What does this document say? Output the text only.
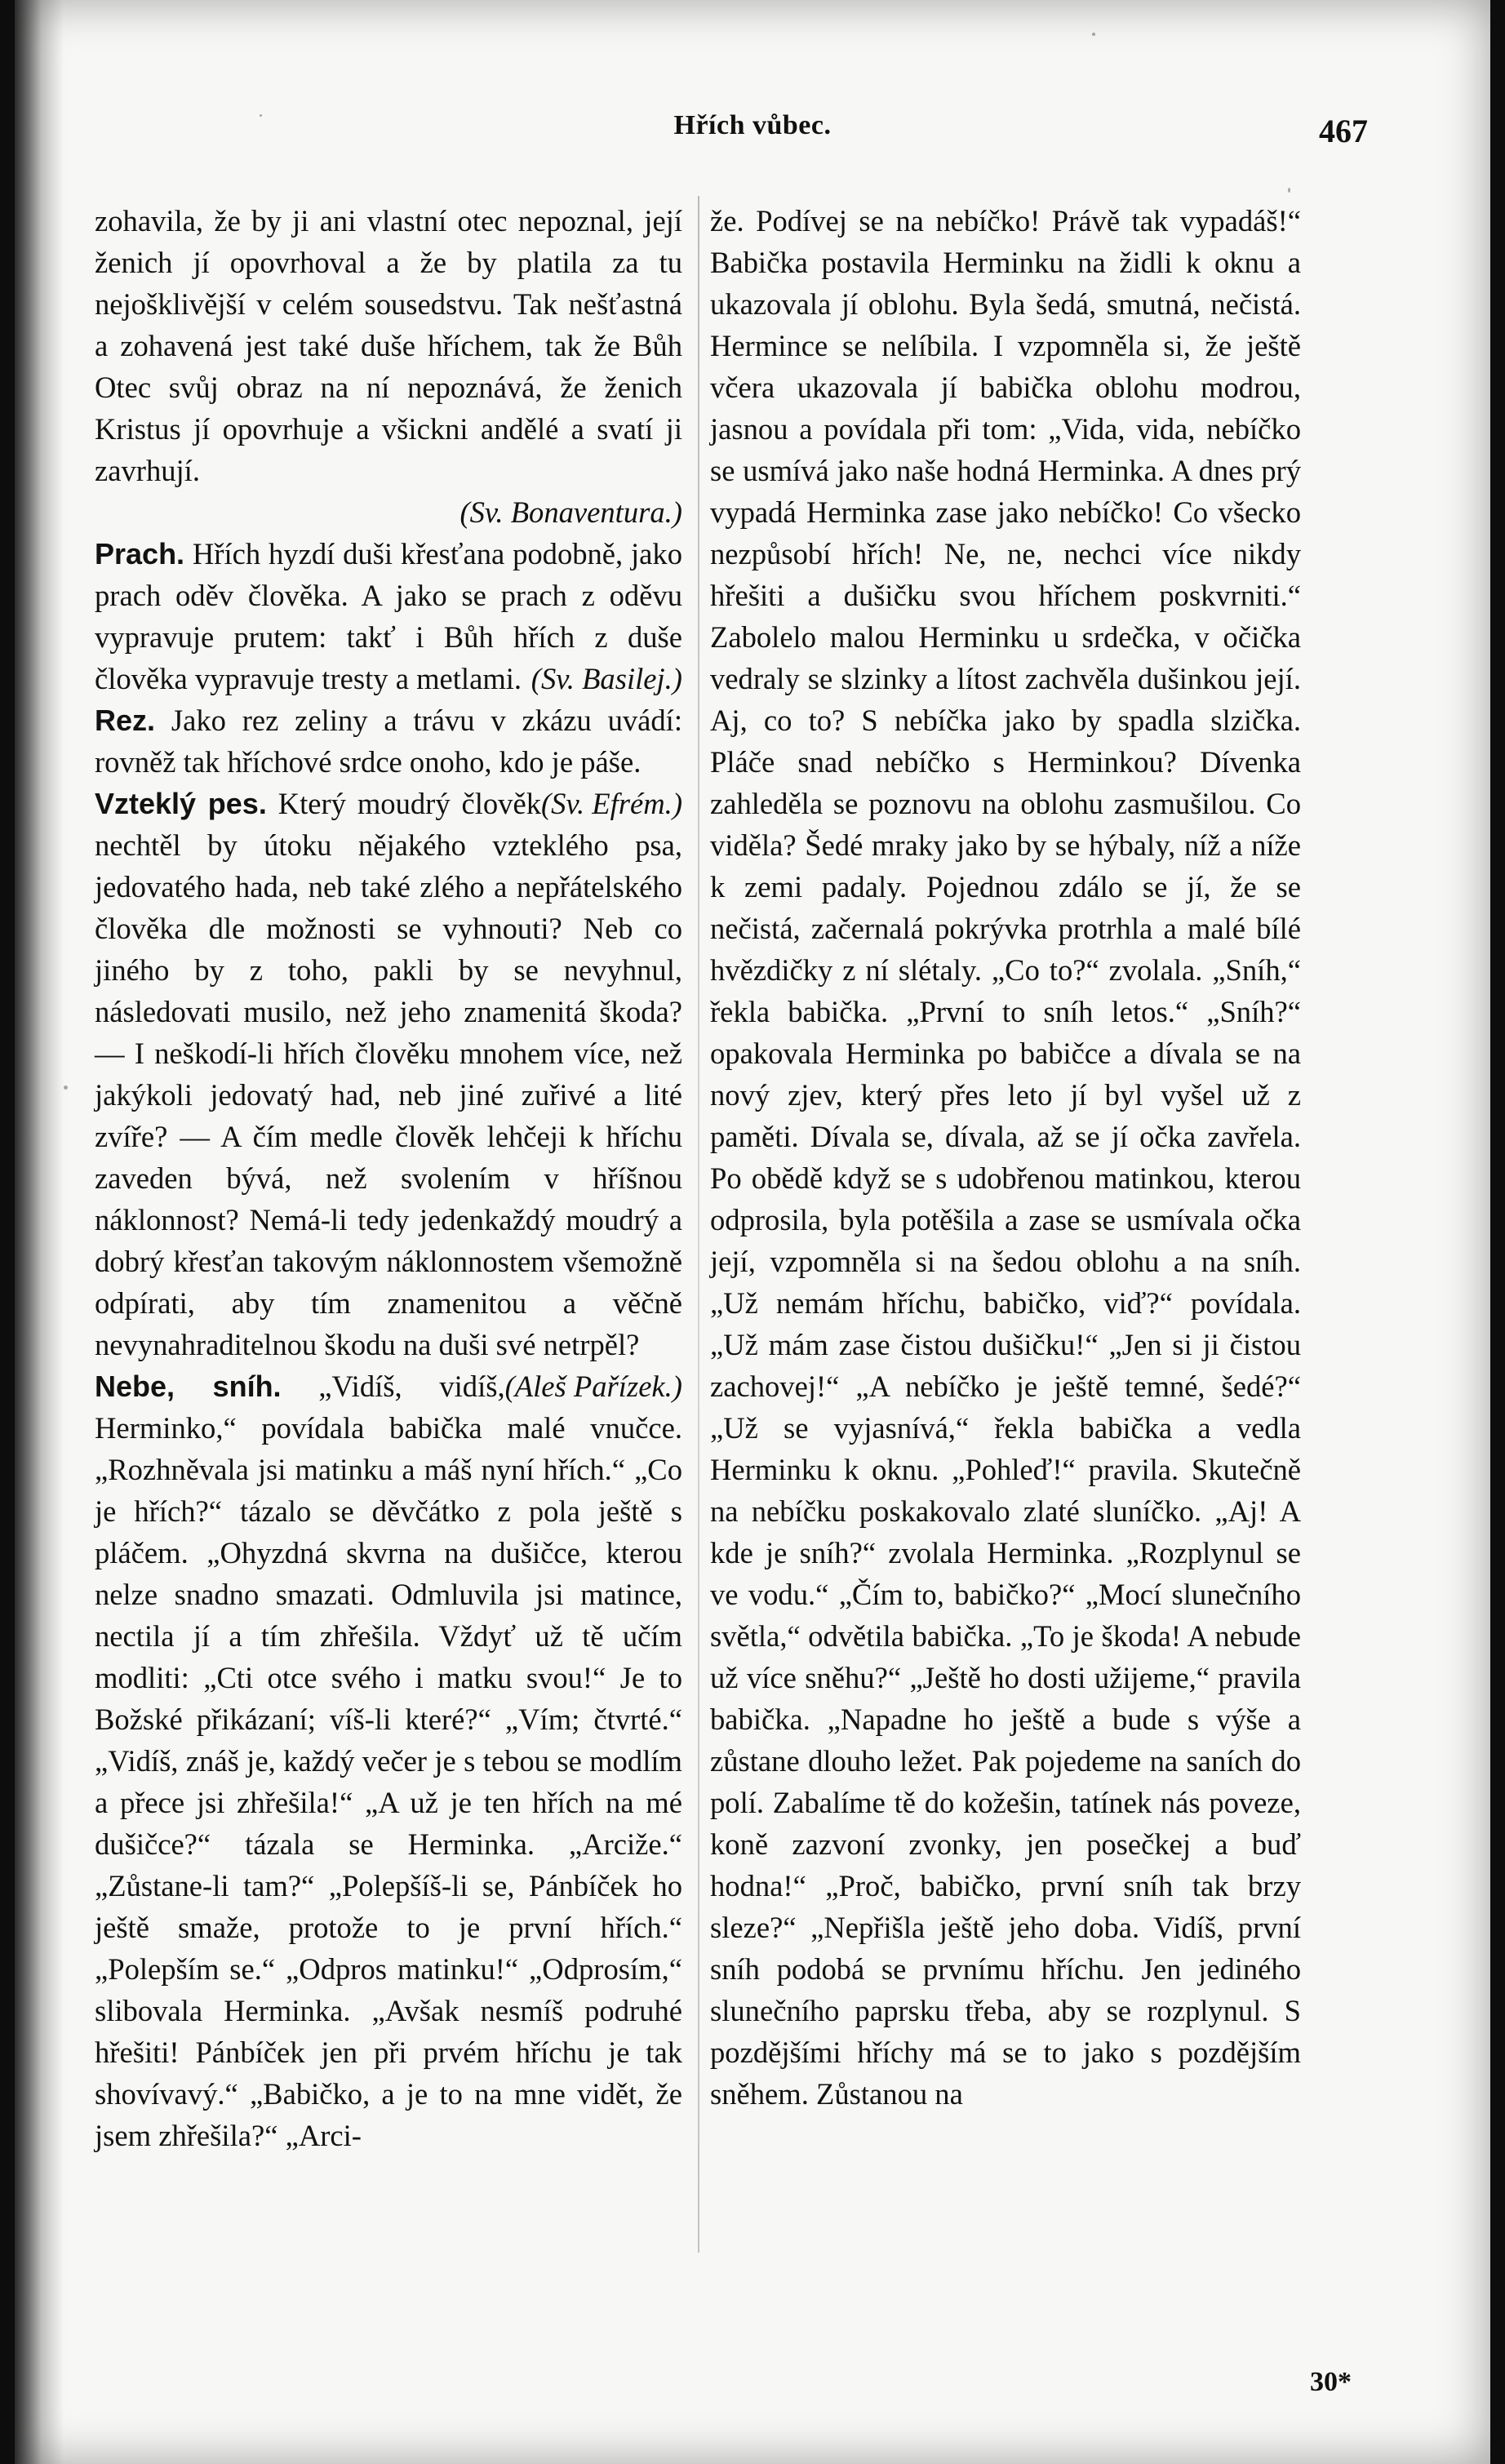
Hřích vůbec.	467

zohavila, že by ji ani vlastní otec nepoznal, její ženich jí opovrhoval a že by platila za tu nejošklivější v celém sousedstvu. Tak nešťastná a zohavená jest také duše hříchem, tak že Bůh Otec svůj obraz na ní nepoznává, že ženich Kristus jí opovrhuje a všickni andělé a svatí ji zavrhují.

(Sv. Bonaventura.)

Prach. Hřích hyzdí duši křesťana podobně, jako prach oděv člověka. A jako se prach z oděvu vypravuje prutem: takť i Bůh hřích z duše člověka vypravuje tresty a metlami. (Sv. Basilej.)

Rez. Jako rez zeliny a trávu v zkázu uvádí: rovněž tak hříchové srdce onoho, kdo je páše.
(Sv. Efrém.)

Vzteklý pes. Který moudrý člověk nechtěl by útoku nějakého vzteklého psa, jedovatého hada, neb také zlého a nepřátelského člověka dle možnosti se vyhnouti? Neb co jiného by z toho, pakli by se nevyhnul, následovati musilo, než jeho znamenitá škoda? — I neškodí-li hřích člověku mnohem více, než jakýkoli jedovatý had, neb jiné zuřivé a lité zvíře? — A čím medle člověk lehčeji k hříchu zaveden bývá, než svolením v hříšnou náklonnost? Nemá-li tedy jedenkaždý moudrý a dobrý křesťan takovým náklonnostem všemožně odpírati, aby tím znamenitou a věčně nevynahraditelnou škodu na duši své netrpěl?
(Aleš Pařízek.)

Nebe, sníh. „Vidíš, vidíš, Herminko,“ povídala babička malé vnučce. „Rozhněvala jsi matinku a máš nyní hřích.“ „Co je hřích?“ tázalo se děvčátko z pola ještě s pláčem. „Ohyzdná skvrna na dušičce, kterou nelze snadno smazati. Odmluvila jsi matince, nectila jí a tím zhřešila. Vždyť už tě učím modliti: „Cti otce svého i matku svou!“ Je to Božské přikázaní; víš-li které?“ „Vím; čtvrté.“ „Vidíš, znáš je, každý večer je s tebou se modlím a přece jsi zhřešila!“ „A už je ten hřích na mé dušičce?“ tázala se Herminka. „Arciže.“ „Zůstane-li tam?“ „Polepšíš-li se, Pánbíček ho ještě smaže, protože to je první hřích.“ „Polepším se.“ „Odpros matinku!“ „Odprosím,“ slibovala Herminka. „Avšak nesmíš podruhé hřešiti! Pánbíček jen při prvém hříchu je tak shovívavý.“ „Babičko, a je to na mne vidět, že jsem zhřešila?“ „Arci-

že. Podívej se na nebíčko! Právě tak vypadáš!“ Babička postavila Herminku na židli k oknu a ukazovala jí oblohu. Byla šedá, smutná, nečistá. Hermince se nelíbila. I vzpomněla si, že ještě včera ukazovala jí babička oblohu modrou, jasnou a povídala při tom: „Vida, vida, nebíčko se usmívá jako naše hodná Herminka. A dnes prý vypadá Herminka zase jako nebíčko! Co všecko nezpůsobí hřích! Ne, ne, nechci více nikdy hřešiti a dušičku svou hříchem poskvrniti.“ Zabolelo malou Herminku u srdečka, v očička vedraly se slzinky a lítost zachvěla dušinkou její. Aj, co to? S nebíčka jako by spadla slzička. Pláče snad nebíčko s Herminkou? Dívenka zahleděla se poznovu na oblohu zasmušilou. Co viděla? Šedé mraky jako by se hýbaly, níž a níže k zemi padaly. Pojednou zdálo se jí, že se nečistá, začernalá pokrývka protrhla a malé bílé hvězdičky z ní slétaly. „Co to?“ zvolala. „Sníh,“ řekla babička. „První to sníh letos.“ „Sníh?“ opakovala Herminka po babičce a dívala se na nový zjev, který přes leto jí byl vyšel už z paměti. Dívala se, dívala, až se jí očka zavřela. Po obědě když se s udobřenou matinkou, kterou odprosila, byla potěšila a zase se usmívala očka její, vzpomněla si na šedou oblohu a na sníh. „Už nemám hříchu, babičko, viď?“ povídala. „Už mám zase čistou dušičku!“ „Jen si ji čistou zachovej!“ „A nebíčko je ještě temné, šedé?“ „Už se vyjasnívá,“ řekla babička a vedla Herminku k oknu. „Pohleď!“ pravila. Skutečně na nebíčku poskakovalo zlaté sluníčko. „Aj! A kde je sníh?“ zvolala Herminka. „Rozplynul se ve vodu.“ „Čím to, babičko?“ „Mocí slunečního světla,“ odvětila babička. „To je škoda! A nebude už více sněhu?“ „Ještě ho dosti užijeme,“ pravila babička. „Napadne ho ještě a bude s výše a zůstane dlouho ležet. Pak pojedeme na saních do polí. Zabalíme tě do kožešin, tatínek nás poveze, koně zazvoní zvonky, jen posečkej a buď hodna!“ „Proč, babičko, první sníh tak brzy sleze?“ „Nepřišla ještě jeho doba. Vidíš, první sníh podobá se prvnímu hříchu. Jen jediného slunečního paprsku třeba, aby se rozplynul. S pozdějšími hříchy má se to jako s pozdějším sněhem. Zůstanou na

30*
